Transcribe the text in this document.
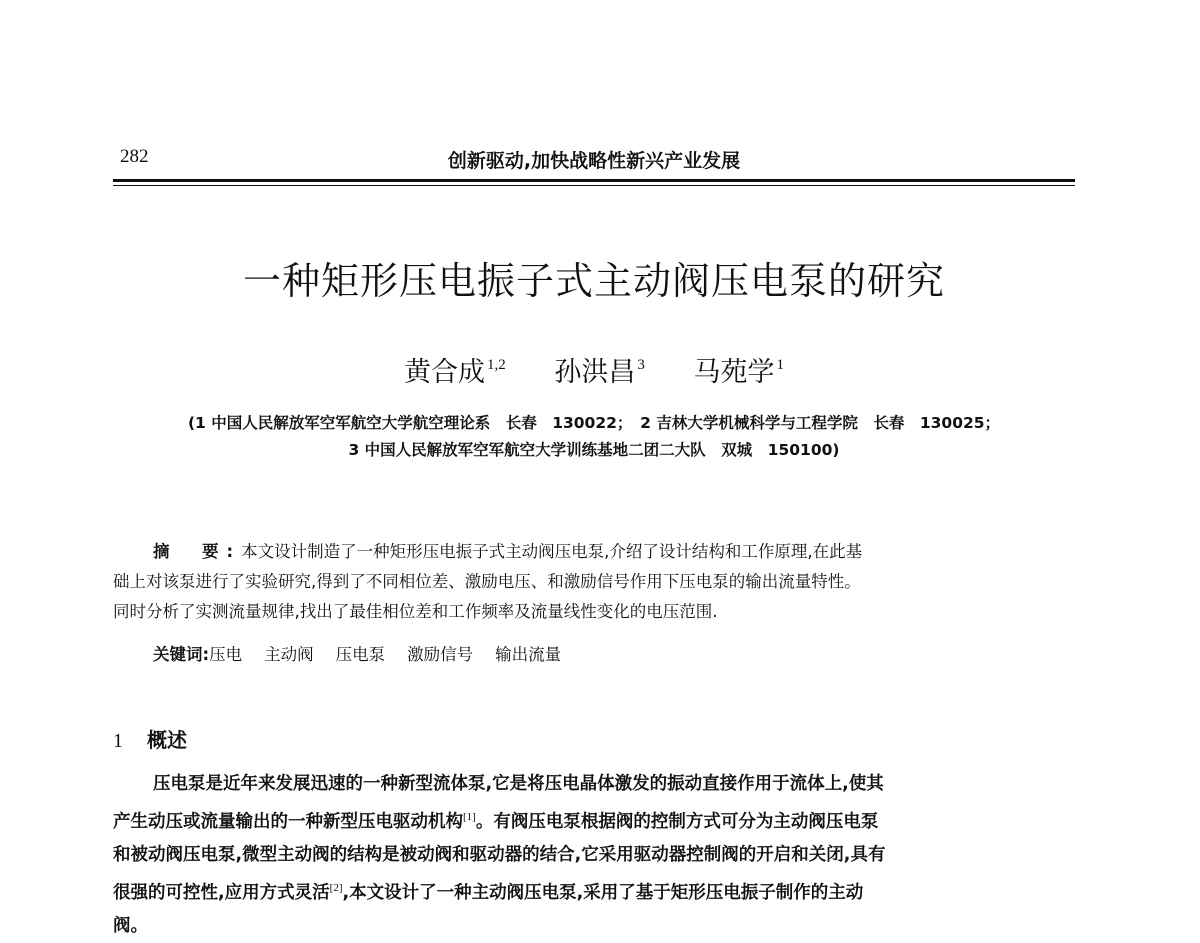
282	创新驱动,加快战略性新兴产业发展
一种矩形压电振子式主动阀压电泵的研究
黄合成 $^{1,2}$ 孙洪昌 $^3$ 马苑学 $^1$
(1 中国人民解放军空军航空大学航空理论系　长春　130022；　2 吉林大学机械科学与工程学院　长春　130025；
3 中国人民解放军空军航空大学训练基地二团二大队　双城　150100)
摘　要:本文设计制造了一种矩形压电振子式主动阀压电泵,介绍了设计结构和工作原理,在此基
础上对该泵进行了实验研究,得到了不同相位差、激励电压、和激励信号作用下压电泵的输出流量特性。
同时分析了实测流量规律,找出了最佳相位差和工作频率及流量线性变化的电压范围.
关键词:压电 主动阀 压电泵 激励信号 输出流量
1 概述
压电泵是近年来发展迅速的一种新型流体泵,它是将压电晶体激发的振动直接作用于流体上,使其
产生动压或流量输出的一种新型压电驱动机构[1]。有阀压电泵根据阀的控制方式可分为主动阀压电泵
和被动阀压电泵,微型主动阀的结构是被动阀和驱动器的结合,它采用驱动器控制阀的开启和关闭,具有
很强的可控性,应用方式灵活[2],本文设计了一种主动阀压电泵,采用了基于矩形压电振子制作的主动
阀。
